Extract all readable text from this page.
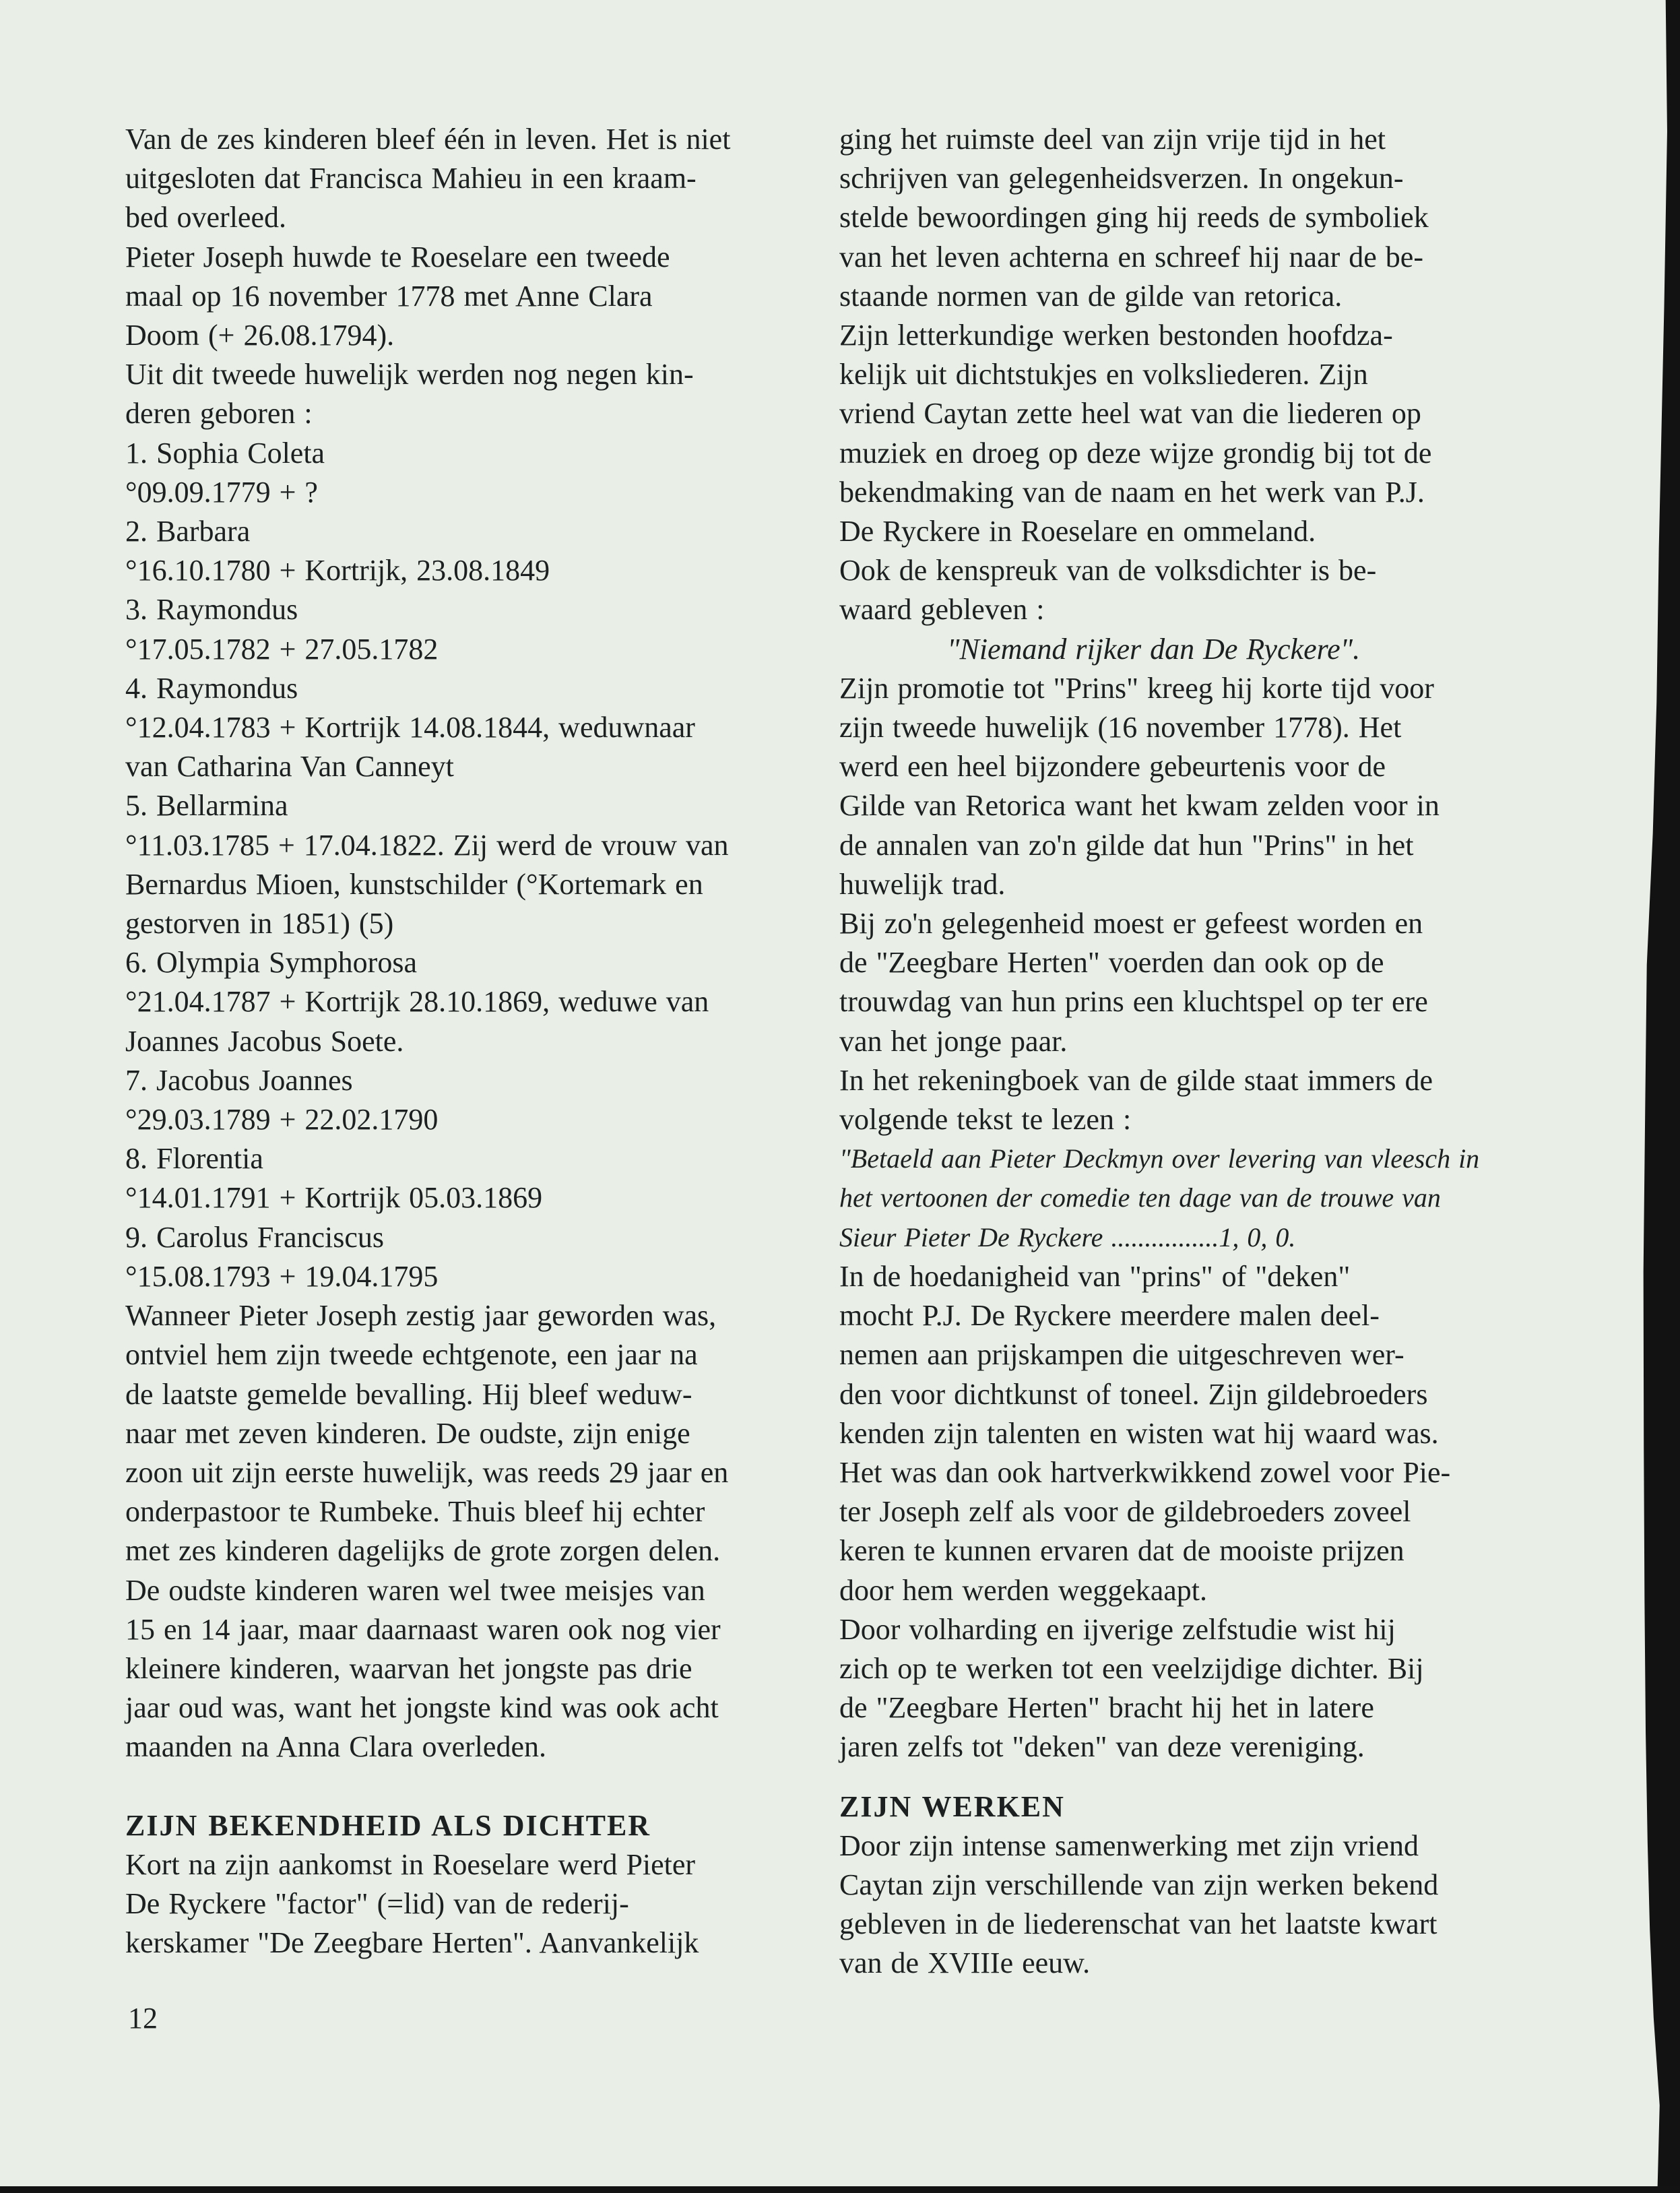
Van de zes kinderen bleef één in leven. Het is niet
uitgesloten dat Francisca Mahieu in een kraam-
bed overleed.
Pieter Joseph huwde te Roeselare een tweede
maal op 16 november 1778 met Anne Clara
Doom (+ 26.08.1794).
Uit dit tweede huwelijk werden nog negen kin-
deren geboren :
1. Sophia Coleta
°09.09.1779 + ?
2. Barbara
°16.10.1780 + Kortrijk, 23.08.1849
3. Raymondus
°17.05.1782 + 27.05.1782
4. Raymondus
°12.04.1783 + Kortrijk 14.08.1844, weduwnaar
van Catharina Van Canneyt
5. Bellarmina
°11.03.1785 + 17.04.1822. Zij werd de vrouw van
Bernardus Mioen, kunstschilder (°Kortemark en
gestorven in 1851) (5)
6. Olympia Symphorosa
°21.04.1787 + Kortrijk 28.10.1869, weduwe van
Joannes Jacobus Soete.
7. Jacobus Joannes
°29.03.1789 + 22.02.1790
8. Florentia
°14.01.1791 + Kortrijk 05.03.1869
9. Carolus Franciscus
°15.08.1793 + 19.04.1795
Wanneer Pieter Joseph zestig jaar geworden was,
ontviel hem zijn tweede echtgenote, een jaar na
de laatste gemelde bevalling. Hij bleef weduw-
naar met zeven kinderen. De oudste, zijn enige
zoon uit zijn eerste huwelijk, was reeds 29 jaar en
onderpastoor te Rumbeke. Thuis bleef hij echter
met zes kinderen dagelijks de grote zorgen delen.
De oudste kinderen waren wel twee meisjes van
15 en 14 jaar, maar daarnaast waren ook nog vier
kleinere kinderen, waarvan het jongste pas drie
jaar oud was, want het jongste kind was ook acht
maanden na Anna Clara overleden.
ZIJN BEKENDHEID ALS DICHTER
Kort na zijn aankomst in Roeselare werd Pieter
De Ryckere "factor" (=lid) van de rederij-
kerskamer "De Zeegbare Herten". Aanvankelijk
ging het ruimste deel van zijn vrije tijd in het
schrijven van gelegenheidsverzen. In ongekun-
stelde bewoordingen ging hij reeds de symboliek
van het leven achterna en schreef hij naar de be-
staande normen van de gilde van retorica.
Zijn letterkundige werken bestonden hoofdza-
kelijk uit dichtstukjes en volksliederen. Zijn
vriend Caytan zette heel wat van die liederen op
muziek en droeg op deze wijze grondig bij tot de
bekendmaking van de naam en het werk van P.J.
De Ryckere in Roeselare en ommeland.
Ook de kenspreuk van de volksdichter is be-
waard gebleven :
"Niemand rijker dan De Ryckere".
Zijn promotie tot "Prins" kreeg hij korte tijd voor
zijn tweede huwelijk (16 november 1778). Het
werd een heel bijzondere gebeurtenis voor de
Gilde van Retorica want het kwam zelden voor in
de annalen van zo'n gilde dat hun "Prins" in het
huwelijk trad.
Bij zo'n gelegenheid moest er gefeest worden en
de "Zeegbare Herten" voerden dan ook op de
trouwdag van hun prins een kluchtspel op ter ere
van het jonge paar.
In het rekeningboek van de gilde staat immers de
volgende tekst te lezen :
"Betaeld aan Pieter Deckmyn over levering van vleesch in
het vertoonen der comedie ten dage van de trouwe van
Sieur Pieter De Ryckere ................1, 0, 0.
In de hoedanigheid van "prins" of "deken"
mocht P.J. De Ryckere meerdere malen deel-
nemen aan prijskampen die uitgeschreven wer-
den voor dichtkunst of toneel. Zijn gildebroeders
kenden zijn talenten en wisten wat hij waard was.
Het was dan ook hartverkwikkend zowel voor Pie-
ter Joseph zelf als voor de gildebroeders zoveel
keren te kunnen ervaren dat de mooiste prijzen
door hem werden weggekaapt.
Door volharding en ijverige zelfstudie wist hij
zich op te werken tot een veelzijdige dichter. Bij
de "Zeegbare Herten" bracht hij het in latere
jaren zelfs tot "deken" van deze vereniging.
ZIJN WERKEN
Door zijn intense samenwerking met zijn vriend
Caytan zijn verschillende van zijn werken bekend
gebleven in de liederenschat van het laatste kwart
van de XVIIIe eeuw.
12
